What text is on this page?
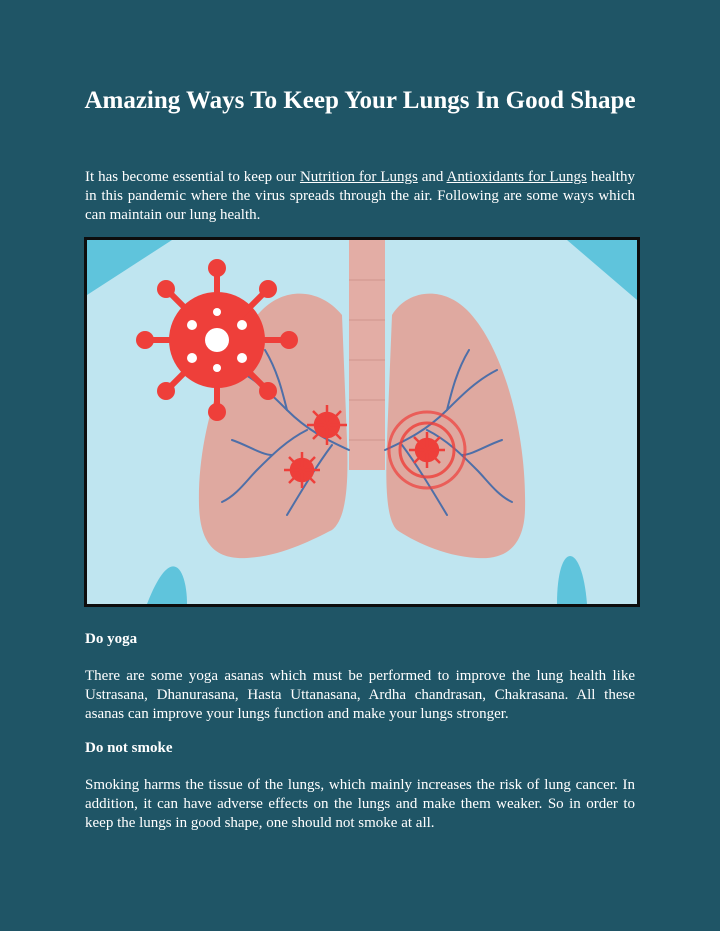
Amazing Ways To Keep Your Lungs In Good Shape
It has become essential to keep our Nutrition for Lungs and Antioxidants for Lungs healthy in this pandemic where the virus spreads through the air. Following are some ways which can maintain our lung health.
Do yoga
There are some yoga asanas which must be performed to improve the lung health like Ustrasana, Dhanurasana, Hasta Uttanasana, Ardha chandrasan, Chakrasana. All these asanas can improve your lungs function and make your lungs stronger.
Do not smoke
Smoking harms the tissue of the lungs, which mainly increases the risk of lung cancer. In addition, it can have adverse effects on the lungs and make them weaker. So in order to keep the lungs in good shape, one should not smoke at all.
